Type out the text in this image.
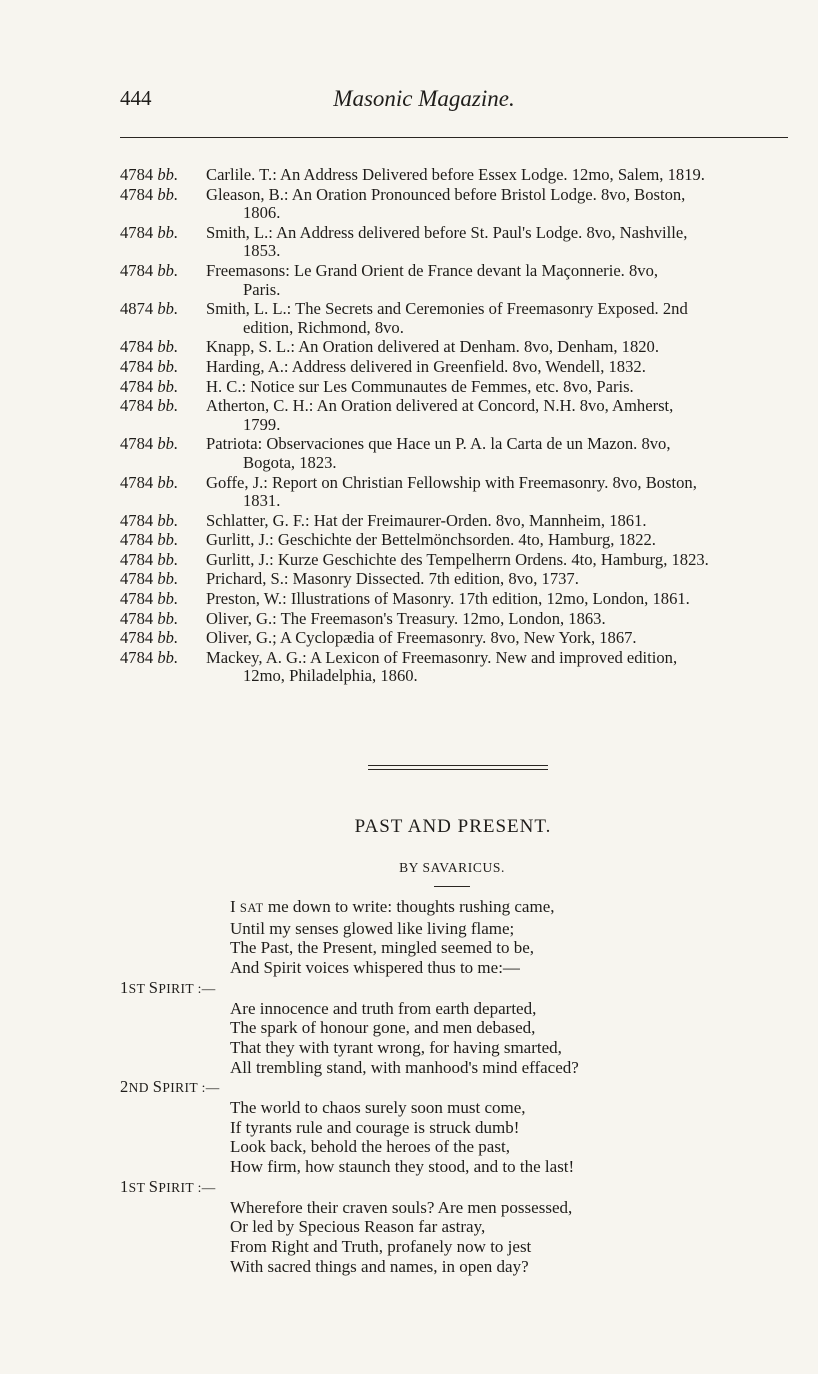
444	Masonic Magazine.
4784 bb. Carlile. T.: An Address Delivered before Essex Lodge. 12mo, Salem, 1819.
4784 bb. Gleason, B.: An Oration Pronounced before Bristol Lodge. 8vo, Boston,
1806.
4784 bb. Smith, L.: An Address delivered before St. Paul's Lodge. 8vo, Nashville,
1853.
4784 bb. Freemasons: Le Grand Orient de France devant la Maçonnerie. 8vo,
Paris.
4874 bb. Smith, L. L.: The Secrets and Ceremonies of Freemasonry Exposed. 2nd
edition, Richmond, 8vo.
4784 bb. Knapp, S. L.: An Oration delivered at Denham. 8vo, Denham, 1820.
4784 bb. Harding, A.: Address delivered in Greenfield. 8vo, Wendell, 1832.
4784 bb. H. C.: Notice sur Les Communautes de Femmes, etc. 8vo, Paris.
4784 bb. Atherton, C. H.: An Oration delivered at Concord, N.H. 8vo, Amherst,
1799.
4784 bb. Patriota: Observaciones que Hace un P. A. la Carta de un Mazon. 8vo,
Bogota, 1823.
4784 bb. Goffe, J.: Report on Christian Fellowship with Freemasonry. 8vo, Boston,
1831.
4784 bb. Schlatter, G. F.: Hat der Freimaurer-Orden. 8vo, Mannheim, 1861.
4784 bb. Gurlitt, J.: Geschichte der Bettelmönchsorden. 4to, Hamburg, 1822.
4784 bb. Gurlitt, J.: Kurze Geschichte des Tempelherrn Ordens. 4to, Hamburg, 1823.
4784 bb. Prichard, S.: Masonry Dissected. 7th edition, 8vo, 1737.
4784 bb. Preston, W.: Illustrations of Masonry. 17th edition, 12mo, London, 1861.
4784 bb. Oliver, G.: The Freemason's Treasury. 12mo, London, 1863.
4784 bb. Oliver, G.; A Cyclopædia of Freemasonry. 8vo, New York, 1867.
4784 bb. Mackey, A. G.: A Lexicon of Freemasonry. New and improved edition,
12mo, Philadelphia, 1860.
PAST AND PRESENT.
BY SAVARICUS.
I SAT me down to write: thoughts rushing came,
Until my senses glowed like living flame;
The Past, the Present, mingled seemed to be,
And Spirit voices whispered thus to me:—
1ST SPIRIT :—
Are innocence and truth from earth departed,
The spark of honour gone, and men debased,
That they with tyrant wrong, for having smarted,
All trembling stand, with manhood's mind effaced?
2ND SPIRIT :—
The world to chaos surely soon must come,
If tyrants rule and courage is struck dumb!
Look back, behold the heroes of the past,
How firm, how staunch they stood, and to the last!
1ST SPIRIT :—
Wherefore their craven souls? Are men possessed,
Or led by Specious Reason far astray,
From Right and Truth, profanely now to jest
With sacred things and names, in open day?
